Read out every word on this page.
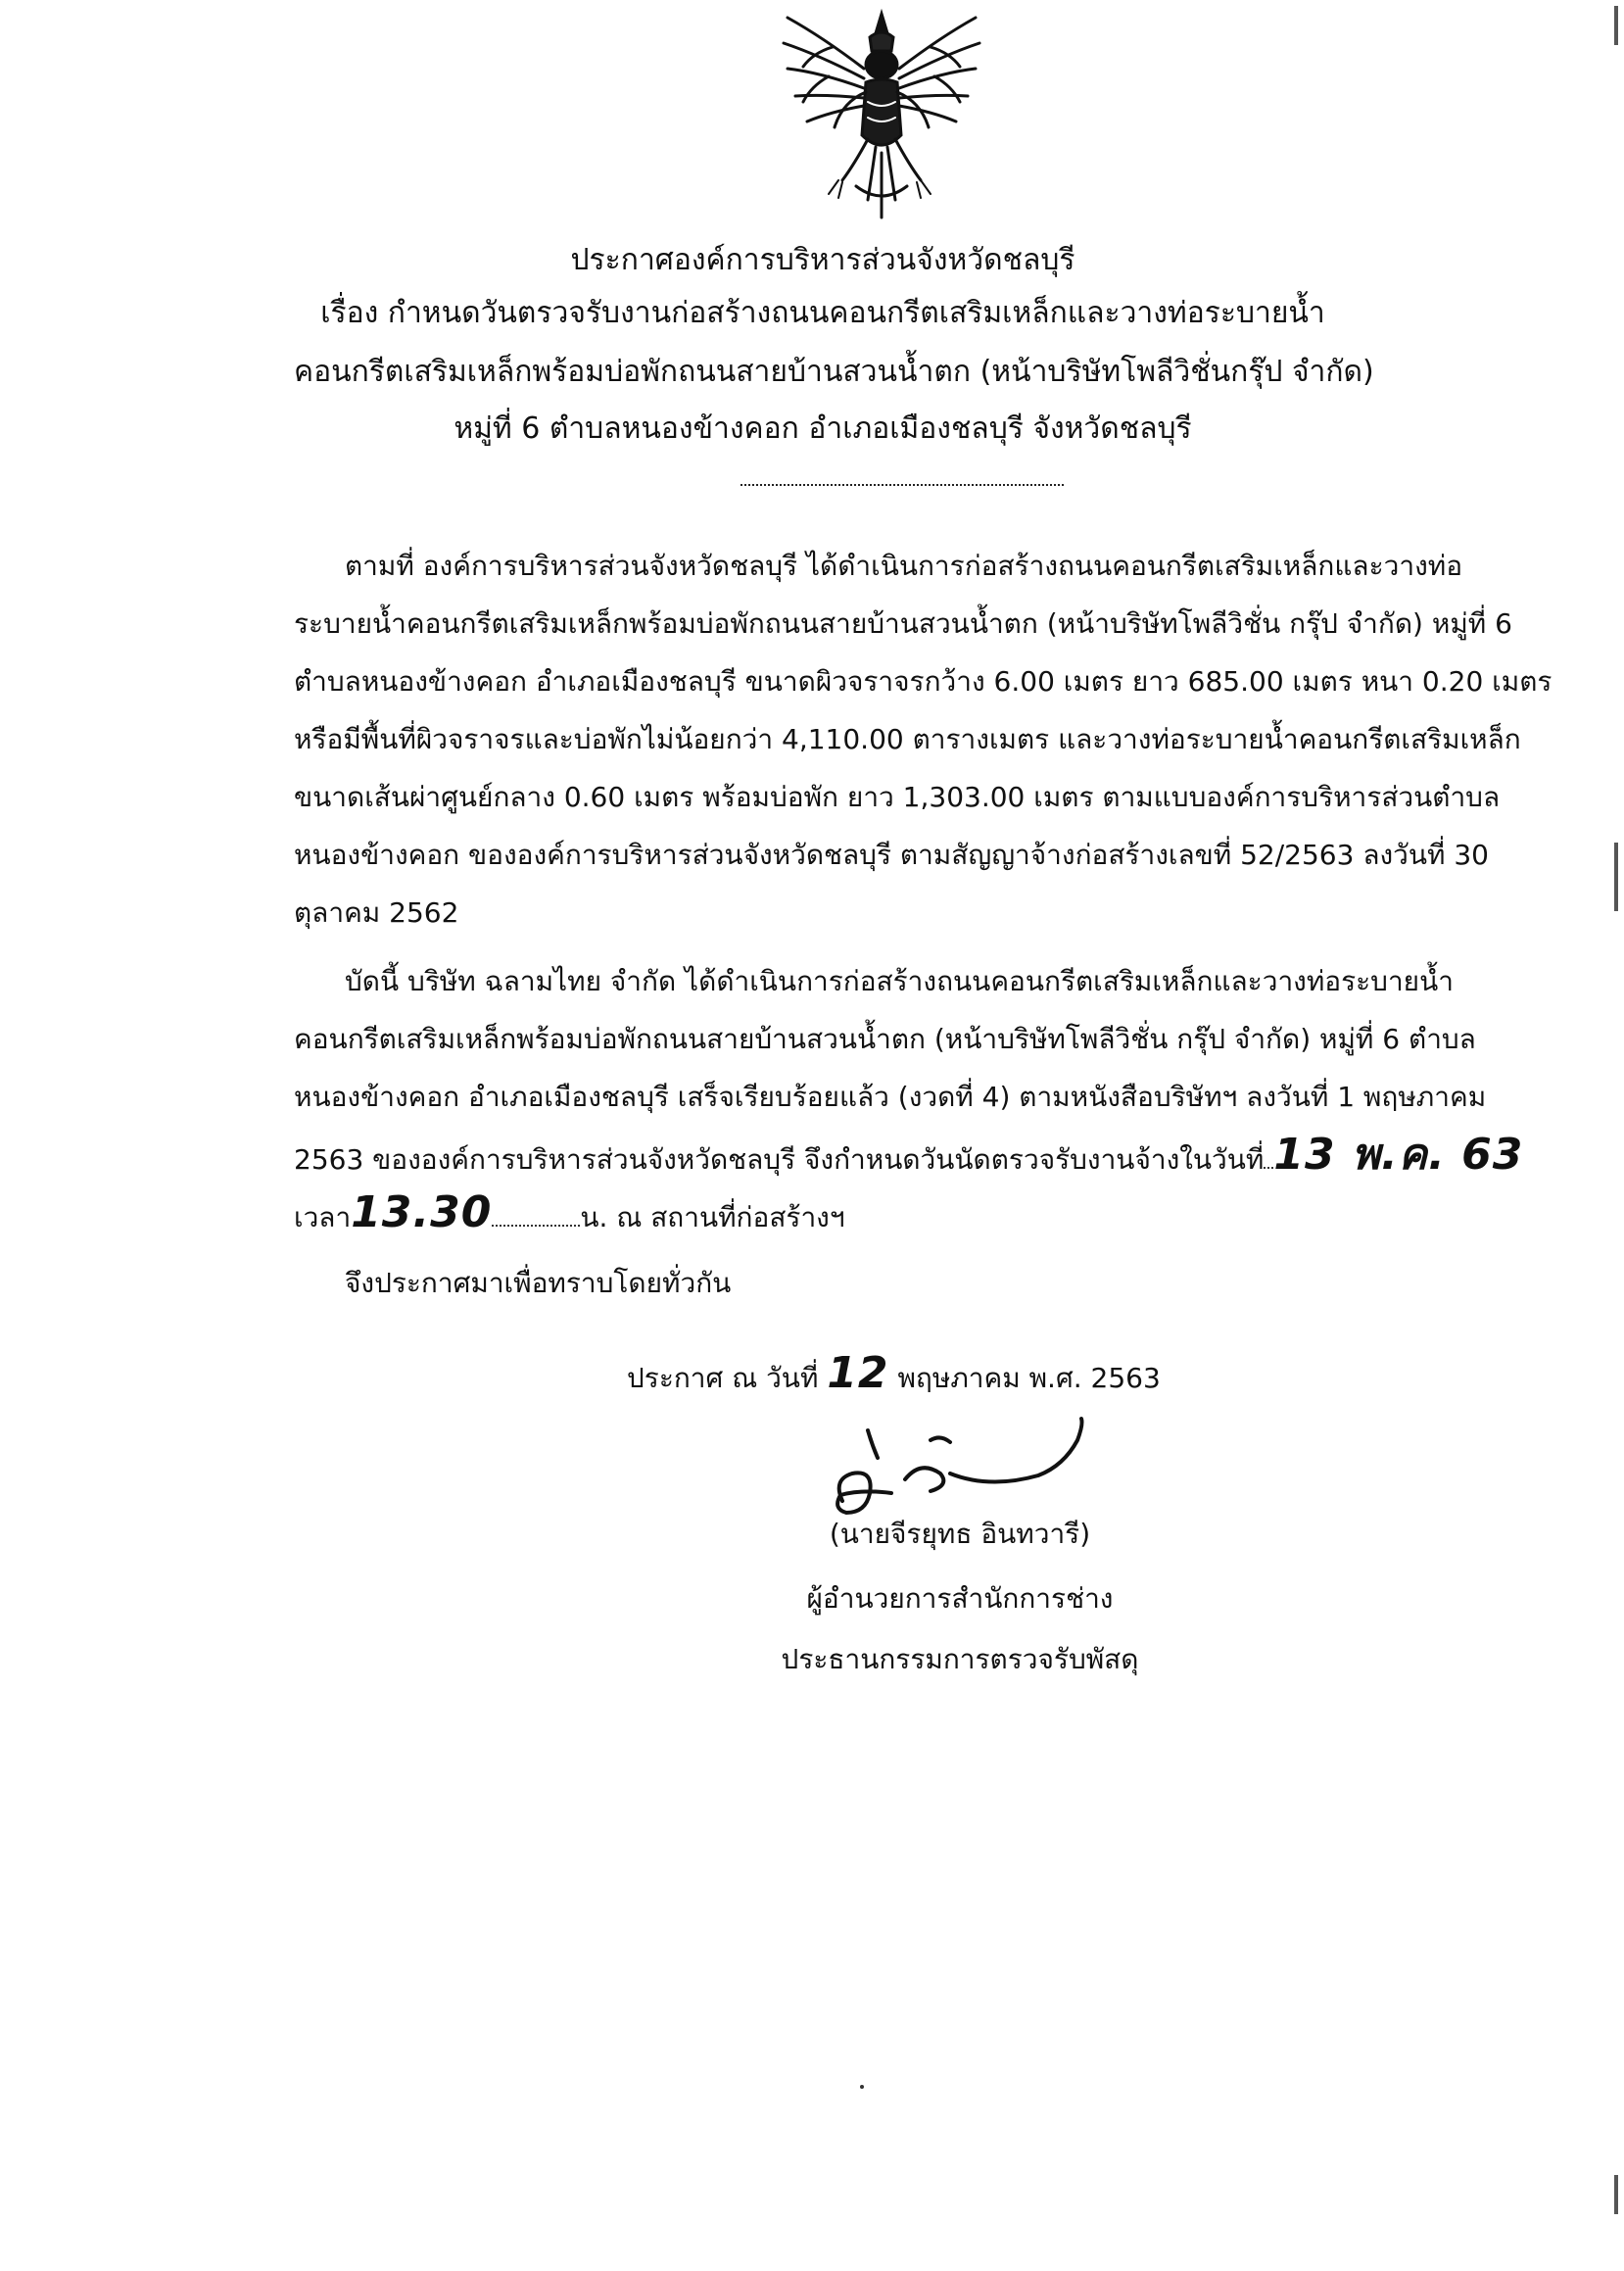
ประกาศองค์การบริหารส่วนจังหวัดชลบุรี
เรื่อง กำหนดวันตรวจรับงานก่อสร้างถนนคอนกรีตเสริมเหล็กและวางท่อระบายน้ำ
คอนกรีตเสริมเหล็กพร้อมบ่อพักถนนสายบ้านสวนน้ำตก (หน้าบริษัทโพลีวิชั่นกรุ๊ป จำกัด)
หมู่ที่ 6 ตำบลหนองข้างคอก อำเภอเมืองชลบุรี จังหวัดชลบุรี
ตามที่ องค์การบริหารส่วนจังหวัดชลบุรี ได้ดำเนินการก่อสร้างถนนคอนกรีตเสริมเหล็กและวางท่อ
ระบายน้ำคอนกรีตเสริมเหล็กพร้อมบ่อพักถนนสายบ้านสวนน้ำตก (หน้าบริษัทโพลีวิชั่น กรุ๊ป จำกัด) หมู่ที่ 6
ตำบลหนองข้างคอก อำเภอเมืองชลบุรี ขนาดผิวจราจรกว้าง 6.00 เมตร ยาว 685.00 เมตร หนา 0.20 เมตร
หรือมีพื้นที่ผิวจราจรและบ่อพักไม่น้อยกว่า 4,110.00 ตารางเมตร และวางท่อระบายน้ำคอนกรีตเสริมเหล็ก
ขนาดเส้นผ่าศูนย์กลาง 0.60 เมตร พร้อมบ่อพัก ยาว 1,303.00 เมตร ตามแบบองค์การบริหารส่วนตำบล
หนองข้างคอก ขององค์การบริหารส่วนจังหวัดชลบุรี ตามสัญญาจ้างก่อสร้างเลขที่ 52/2563 ลงวันที่ 30
ตุลาคม 2562
บัดนี้ บริษัท ฉลามไทย จำกัด ได้ดำเนินการก่อสร้างถนนคอนกรีตเสริมเหล็กและวางท่อระบายน้ำ
คอนกรีตเสริมเหล็กพร้อมบ่อพักถนนสายบ้านสวนน้ำตก (หน้าบริษัทโพลีวิชั่น กรุ๊ป จำกัด) หมู่ที่ 6 ตำบล
หนองข้างคอก อำเภอเมืองชลบุรี เสร็จเรียบร้อยแล้ว (งวดที่ 4) ตามหนังสือบริษัทฯ ลงวันที่ 1 พฤษภาคม
2563 ขององค์การบริหารส่วนจังหวัดชลบุรี จึงกำหนดวันนัดตรวจรับงานจ้างในวันที่ 13 พ.ค. 63
เวลา13.30	น. ณ สถานที่ก่อสร้างฯ
จึงประกาศมาเพื่อทราบโดยทั่วกัน
ประกาศ ณ วันที่ 12 พฤษภาคม พ.ศ. 2563
(นายจีรยุทธ อินทวารี)
ผู้อำนวยการสำนักการช่าง
ประธานกรรมการตรวจรับพัสดุ
